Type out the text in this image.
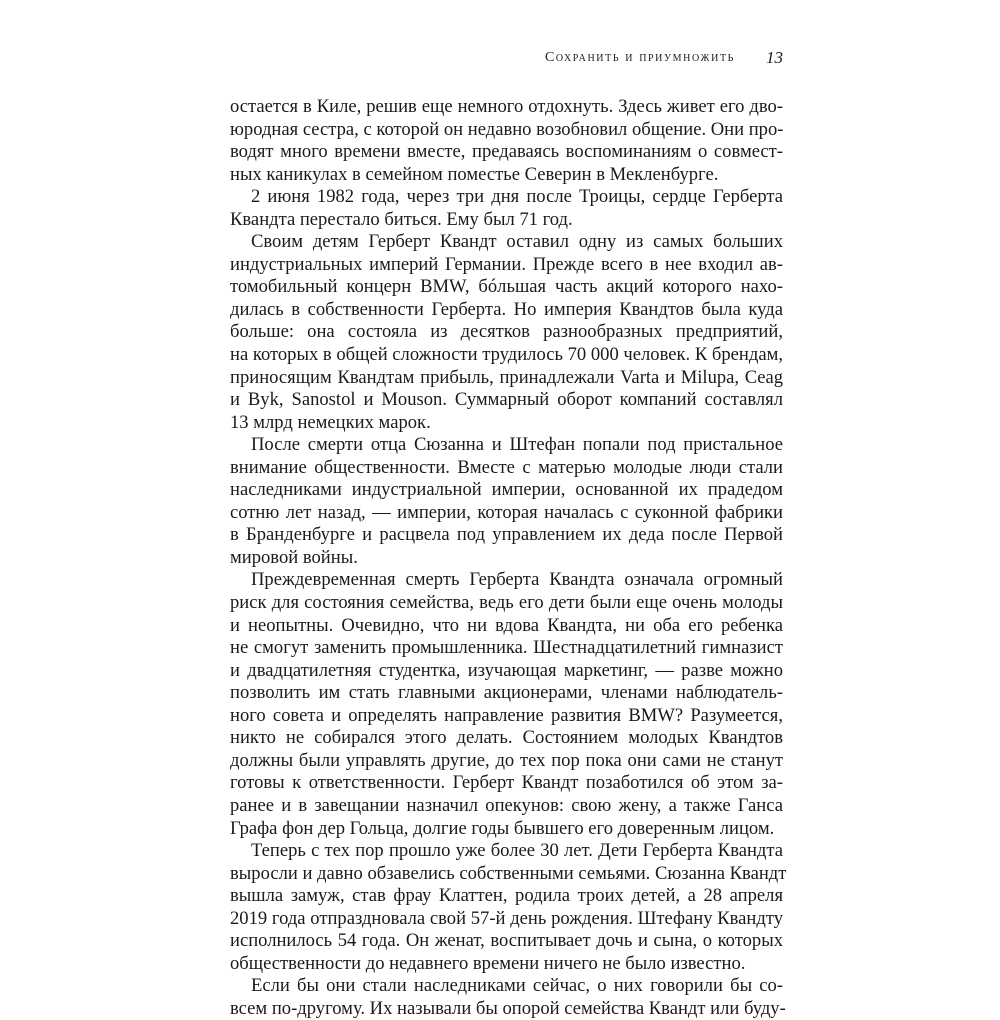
Сохранить и приумножить 13
остается в Киле, решив еще немного отдохнуть. Здесь живет его дво-
юродная сестра, с которой он недавно возобновил общение. Они про-
водят много времени вместе, предаваясь воспоминаниям о совмест-
ных каникулах в семейном поместье Северин в Мекленбурге.
2 июня 1982 года, через три дня после Троицы, сердце Герберта
Квандта перестало биться. Ему был 71 год.
Своим детям Герберт Квандт оставил одну из самых больших
индустриальных империй Германии. Прежде всего в нее входил ав-
томобильный концерн BMW, бóльшая часть акций которого нахо-
дилась в собственности Герберта. Но империя Квандтов была куда
больше: она состояла из десятков разнообразных предприятий,
на которых в общей сложности трудилось 70 000 человек. К брендам,
приносящим Квандтам прибыль, принадлежали Varta и Milupa, Ceag
и Byk, Sanostol и Mouson. Суммарный оборот компаний составлял
13 млрд немецких марок.
После смерти отца Сюзанна и Штефан попали под пристальное
внимание общественности. Вместе с матерью молодые люди стали
наследниками индустриальной империи, основанной их прадедом
сотню лет назад, — империи, которая началась с суконной фабрики
в Бранденбурге и расцвела под управлением их деда после Первой
мировой войны.
Преждевременная смерть Герберта Квандта означала огромный
риск для состояния семейства, ведь его дети были еще очень молоды
и неопытны. Очевидно, что ни вдова Квандта, ни оба его ребенка
не смогут заменить промышленника. Шестнадцатилетний гимназист
и двадцатилетняя студентка, изучающая маркетинг, — разве можно
позволить им стать главными акционерами, членами наблюдатель-
ного совета и определять направление развития BMW? Разумеется,
никто не собирался этого делать. Состоянием молодых Квандтов
должны были управлять другие, до тех пор пока они сами не станут
готовы к ответственности. Герберт Квандт позаботился об этом за-
ранее и в завещании назначил опекунов: свою жену, а также Ганса
Графа фон дер Гольца, долгие годы бывшего его доверенным лицом.
Теперь с тех пор прошло уже более 30 лет. Дети Герберта Квандта
выросли и давно обзавелись собственными семьями. Сюзанна Квандт
вышла замуж, став фрау Клаттен, родила троих детей, а 28 апреля
2019 года отпраздновала свой 57-й день рождения. Штефану Квандту
исполнилось 54 года. Он женат, воспитывает дочь и сына, о которых
общественности до недавнего времени ничего не было известно.
Если бы они стали наследниками сейчас, о них говорили бы со-
всем по-другому. Их называли бы опорой семейства Квандт или буду-
